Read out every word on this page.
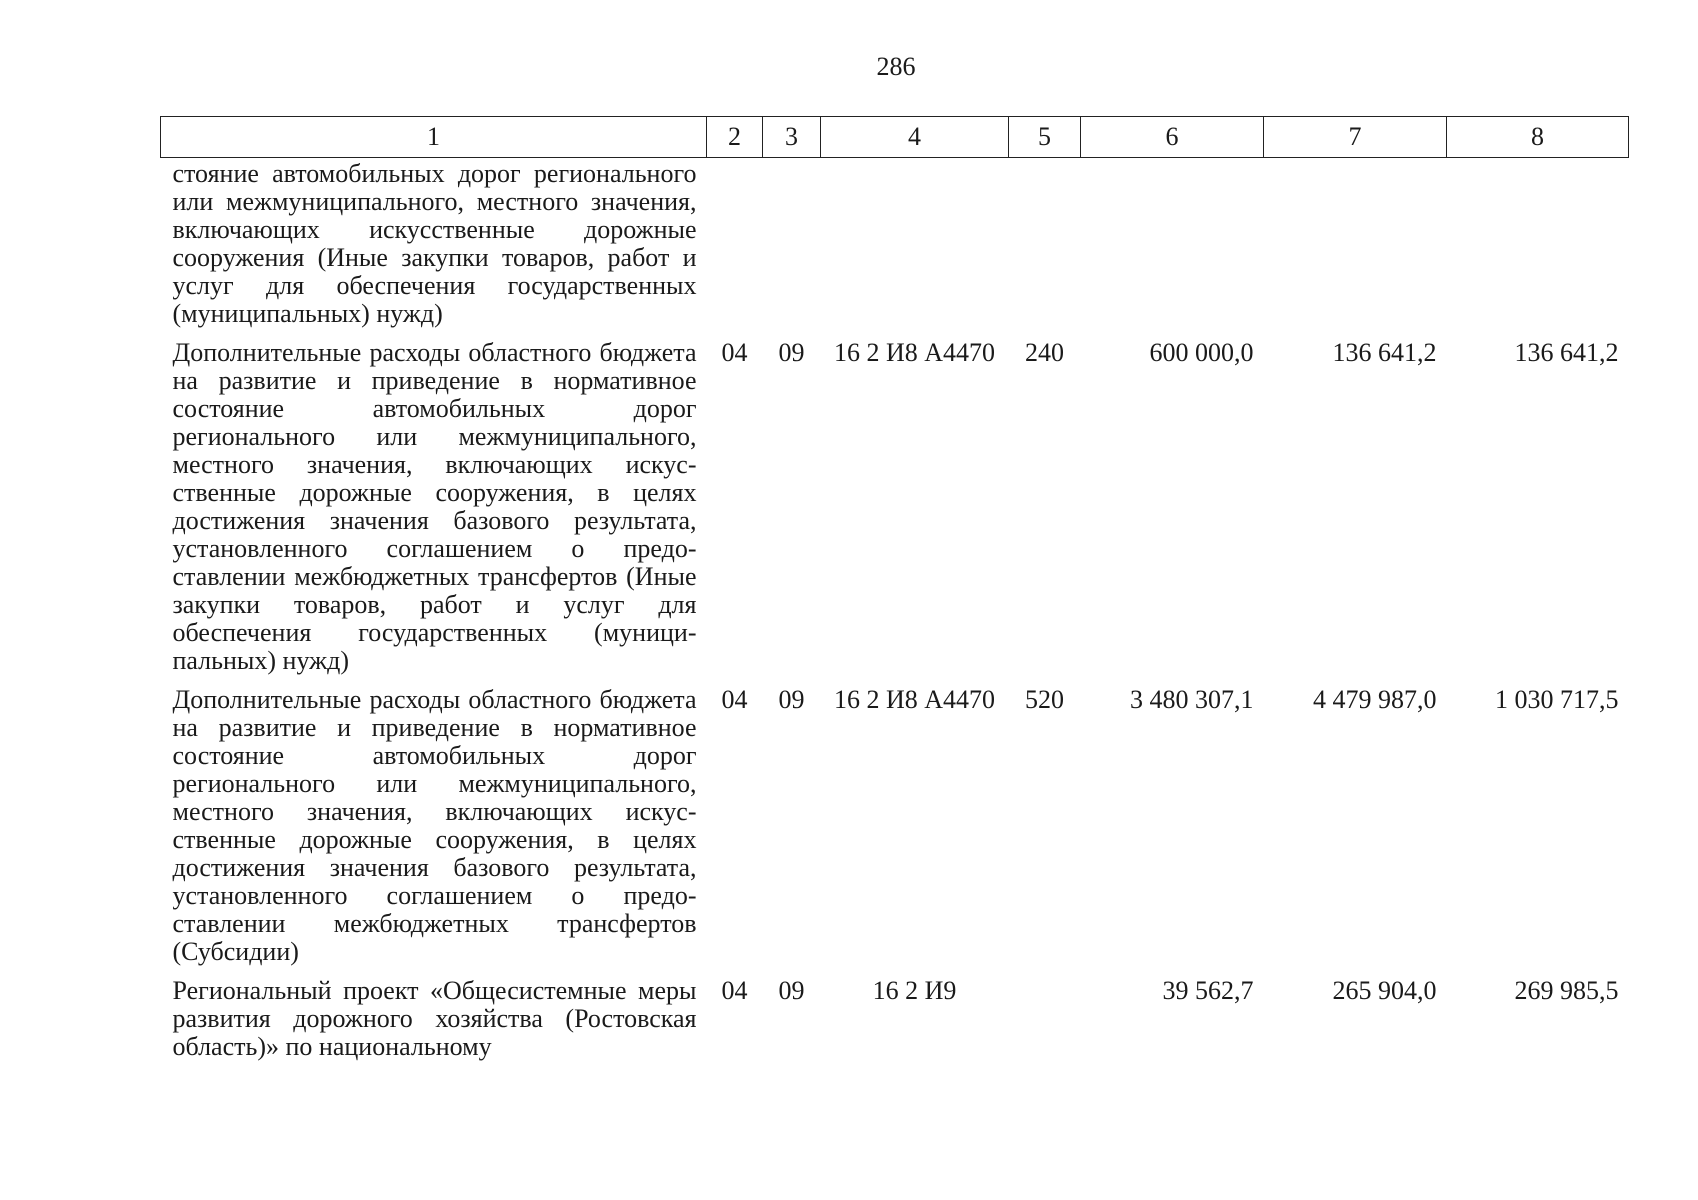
286
1	2	3	4	5	6	7	8
стояние автомобильных дорог регионального или межмуниципального, местного значения, включающих искусственные дорожные сооружения (Иные закупки товаров, работ и услуг для обеспечения государственных (муниципальных) нужд)							
Дополнительные расходы областного бюджета на развитие и приведение в нормативное состояние автомобильных дорог регионального или межмуниципального, местного значения, включающих искусственные дорожные сооружения, в целях достижения значения базового результата, установленного соглашением о предоставлении межбюджетных трансфертов (Иные закупки товаров, работ и услуг для обеспечения государственных (муниципальных) нужд)	04	09	16 2 И8 А4470	240	600 000,0	136 641,2	136 641,2
Дополнительные расходы областного бюджета на развитие и приведение в нормативное состояние автомобильных дорог регионального или межмуниципального, местного значения, включающих искусственные дорожные сооружения, в целях достижения значения базового результата, установленного соглашением о предоставлении межбюджетных трансфертов (Субсидии)	04	09	16 2 И8 А4470	520	3 480 307,1	4 479 987,0	1 030 717,5
Региональный проект «Общесистемные меры развития дорожного хозяйства (Ростовская область)» по национальному	04	09	16 2 И9		39 562,7	265 904,0	269 985,5
